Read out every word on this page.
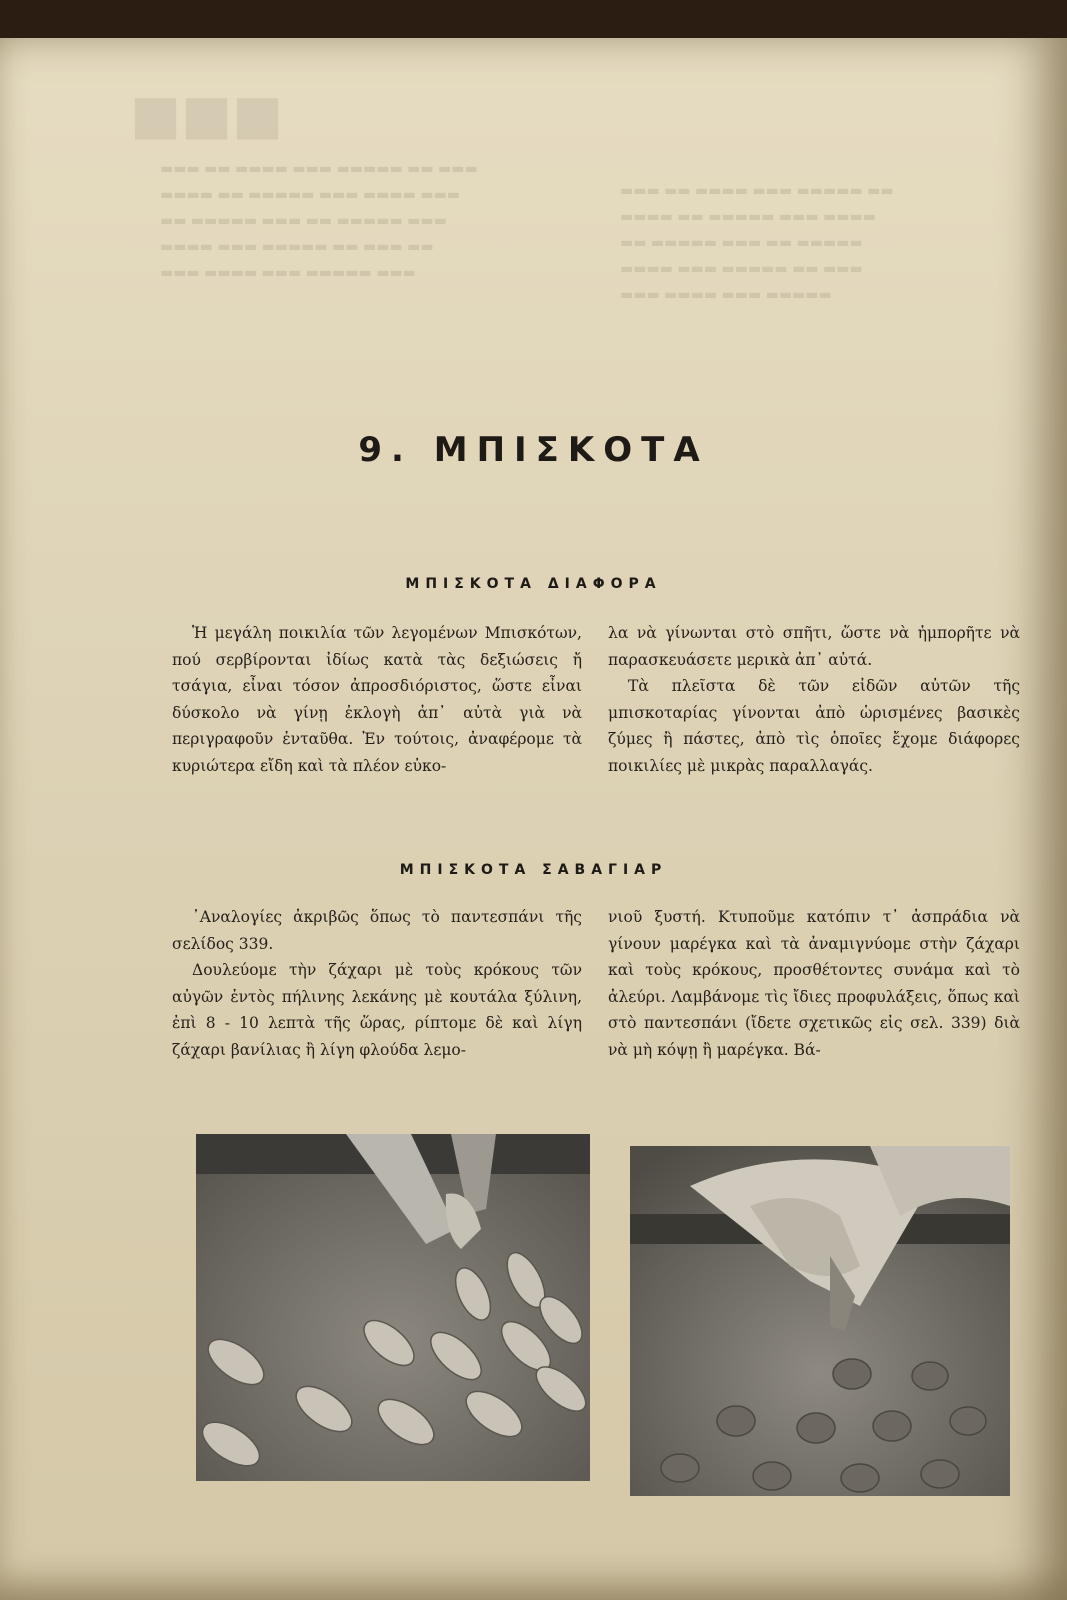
■■■
▬▬▬ ▬▬ ▬▬▬▬ ▬▬▬ ▬▬▬▬▬ ▬▬ ▬▬▬
▬▬▬▬ ▬▬ ▬▬▬▬▬ ▬▬▬ ▬▬▬▬ ▬▬▬
▬▬ ▬▬▬▬▬ ▬▬▬ ▬▬ ▬▬▬▬▬ ▬▬▬
▬▬▬▬ ▬▬▬ ▬▬▬▬▬ ▬▬ ▬▬▬ ▬▬
▬▬▬ ▬▬▬▬ ▬▬▬ ▬▬▬▬▬ ▬▬▬
▬▬▬ ▬▬ ▬▬▬▬ ▬▬▬ ▬▬▬▬▬ ▬▬
▬▬▬▬ ▬▬ ▬▬▬▬▬ ▬▬▬ ▬▬▬▬
▬▬ ▬▬▬▬▬ ▬▬▬ ▬▬ ▬▬▬▬▬
▬▬▬▬ ▬▬▬ ▬▬▬▬▬ ▬▬ ▬▬▬
▬▬▬ ▬▬▬▬ ▬▬▬ ▬▬▬▬▬
9. ΜΠΙΣΚΟΤΑ
ΜΠΙΣΚΟΤΑ ΔΙΑΦΟΡΑ

Ἡ μεγάλη ποικιλία τῶν λεγομένων Μπισκότων, πού σερβίρονται ἰδίως κατὰ τὰς δεξιώσεις ἤ τσάγια, εἶναι τόσον ἀπροσδιόριστος, ὥστε εἶναι δύσκολο νὰ γίνῃ ἐκλογὴ ἀπ᾽ αὐτὰ γιὰ νὰ περιγραφοῦν ἐνταῦθα. Ἐν τούτοις, ἀναφέρομε τὰ κυριώτερα εἴδη καὶ τὰ πλέον εὐκο-

λα νὰ γίνωνται στὸ σπῆτι, ὥστε νὰ ἠμπορῆτε νὰ παρασκευάσετε μερικὰ ἀπ᾽ αὐτά.

Τὰ πλεῖστα δὲ τῶν εἰδῶν αὐτῶν τῆς μπισκοταρίας γίνονται ἀπὸ ὡρισμένες βασικὲς ζύμες ἢ πάστες, ἀπὸ τὶς ὁποῖες ἔχομε διάφορες ποικιλίες μὲ μικρὰς παραλλαγάς.

ΜΠΙΣΚΟΤΑ ΣΑΒΑΓΙΑΡ

᾽Αναλογίες ἀκριβῶς ὅπως τὸ παντεσπάνι τῆς σελίδος 339.

Δουλεύομε τὴν ζάχαρι μὲ τοὺς κρόκους τῶν αὐγῶν ἐντὸς πήλινης λεκάνης μὲ κουτάλα ξύλινη, ἐπὶ 8 - 10 λεπτὰ τῆς ὥρας, ρίπτομε δὲ καὶ λίγη ζάχαρι βανίλιας ἢ λίγη φλούδα λεμο-

νιοῦ ξυστή. Κτυποῦμε κατόπιν τ᾽ ἀσπράδια νὰ γίνουν μαρέγκα καὶ τὰ ἀναμιγνύομε στὴν ζάχαρι καὶ τοὺς κρόκους, προσθέτοντες συνάμα καὶ τὸ ἀλεύρι. Λαμβάνομε τὶς ἴδιες προφυλάξεις, ὅπως καὶ στὸ παντεσπάνι (ἴδετε σχετικῶς εἰς σελ. 339) διὰ νὰ μὴ κόψῃ ἢ μαρέγκα. Βά-
